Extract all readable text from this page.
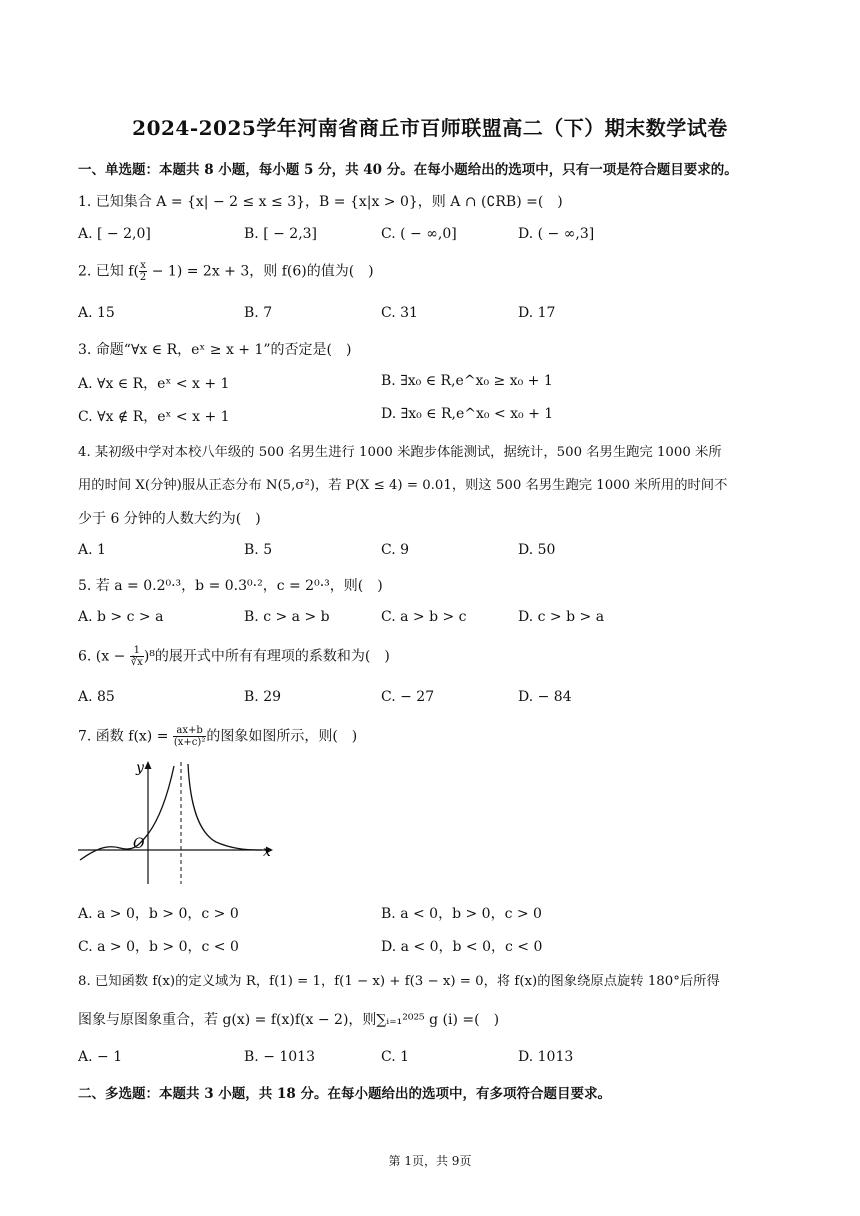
2024-2025学年河南省商丘市百师联盟高二（下）期末数学试卷
一、单选题：本题共 8 小题，每小题 5 分，共 40 分。在每小题给出的选项中，只有一项是符合题目要求的。
1. 已知集合 A = {x| − 2 ≤ x ≤ 3}，B = {x|x > 0}，则 A ∩ (∁RB) =(　)
A. [ − 2,0]	B. [ − 2,3]	C. ( − ∞,0]	D. ( − ∞,3]
2. 已知 $f( \frac{x}{2} - 1) = 2x + 3$，则 f(6)的值为(　)
A. 15	B. 7	C. 31	D. 17
3. 命题“∀x ∈ R，eˣ ≥ x + 1”的否定是(　)
A. ∀x ∈ R，eˣ < x + 1	B. ∃x₀ ∈ R,e^x₀ ≥ x₀ + 1
C. ∀x ∉ R，eˣ < x + 1	D. ∃x₀ ∈ R,e^x₀ < x₀ + 1
4. 某初级中学对本校八年级的 500 名男生进行 1000 米跑步体能测试，据统计，500 名男生跑完 1000 米所
用的时间 X(分钟)服从正态分布 N(5,σ²)，若 P(X ≤ 4) = 0.01，则这 500 名男生跑完 1000 米所用的时间不
少于 6 分钟的人数大约为(　)
A. 1	B. 5	C. 9	D. 50
5. 若 a = 0.2⁰·³，b = 0.3⁰·²，c = 2⁰·³，则(　)
A. b > c > a	B. c > a > b	C. a > b > c	D. c > b > a
6. $(x - \frac{1}{∛x} )^8$的展开式中所有有理项的系数和为(　)
A. 85	B. 29	C. − 27	D. − 84
7. 函数 $f(x) = \frac{ax+b}{\text{(x+c)²}}$ 的图象如图所示，则(　)
y
x
O
A. a > 0，b > 0，c > 0	B. a < 0，b > 0，c > 0
C. a > 0，b > 0，c < 0	D. a < 0，b < 0，c < 0
8. 已知函数 f(x)的定义域为 R，f(1) = 1，f(1 − x) + f(3 − x) = 0，将 f(x)的图象绕原点旋转 180°后所得
图象与原图象重合，若 g(x) = f(x)f(x − 2)，则∑ᵢ₌₁²⁰²⁵ g (i) =(　)
A. − 1	B. − 1013	C. 1	D. 1013
二、多选题：本题共 3 小题，共 18 分。在每小题给出的选项中，有多项符合题目要求。
第 1页，共 9页
